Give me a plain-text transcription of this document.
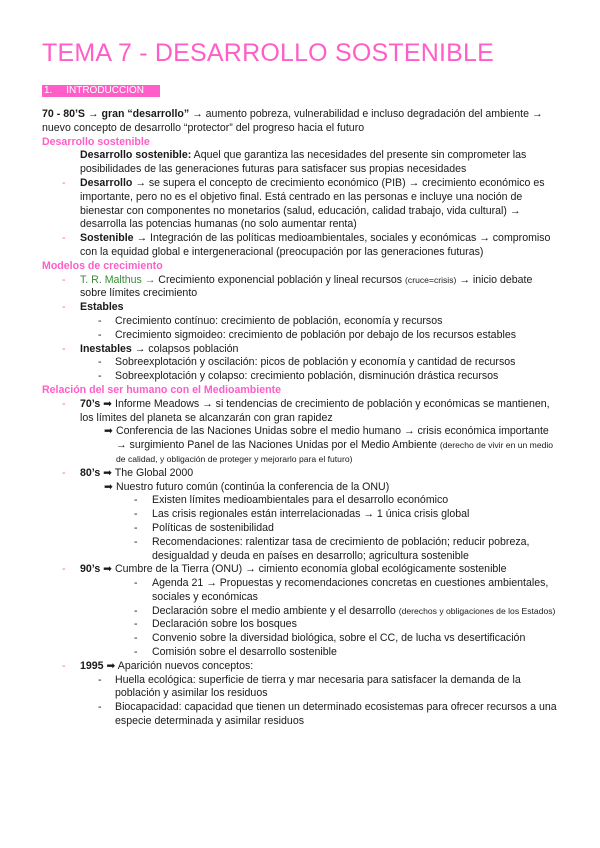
TEMA 7 - DESARROLLO SOSTENIBLE
1.     INTRODUCCIÓN
70 - 80’S → gran “desarrollo” → aumento pobreza, vulnerabilidad e incluso degradación del ambiente → nuevo concepto de desarrollo “protector” del progreso hacia el futuro
Desarrollo sostenible
Desarrollo sostenible: Aquel que garantiza las necesidades del presente sin comprometer las posibilidades de las generaciones futuras para satisfacer sus propias necesidades
- Desarrollo → se supera el concepto de crecimiento económico (PIB) → crecimiento económico es importante, pero no es el objetivo final. Está centrado en las personas e incluye una noción de bienestar con componentes no monetarios (salud, educación, calidad trabajo, vida cultural) → desarrolla las potencias humanas (no solo aumentar renta)
- Sostenible → Integración de las políticas medioambientales, sociales y económicas → compromiso con la equidad global e intergeneracional (preocupación por las generaciones futuras)
Modelos de crecimiento
- T. R. Malthus → Crecimiento exponencial población y lineal recursos (cruce=crisis) → inicio debate sobre límites crecimiento
- Estables
- Crecimiento contínuo: crecimiento de población, economía y recursos
- Crecimiento sigmoideo: crecimiento de población por debajo de los recursos estables
- Inestables → colapsos población
- Sobreexplotación y oscilación: picos de población y economía y cantidad de recursos
- Sobreexplotación y colapso: crecimiento población, disminución drástica recursos
Relación del ser humano con el Medioambiente
- 70’s ➡ Informe Meadows → si tendencias de crecimiento de población y económicas se mantienen, los límites del planeta se alcanzarán con gran rapidez
➡ Conferencia de las Naciones Unidas sobre el medio humano → crisis económica importante → surgimiento Panel de las Naciones Unidas por el Medio Ambiente (derecho de vivir en un medio de calidad, y obligación de proteger y mejorarlo para el futuro)
- 80’s ➡ The Global 2000
➡ Nuestro futuro común (continúa la conferencia de la ONU)
- Existen límites medioambientales para el desarrollo económico
- Las crisis regionales están interrelacionadas → 1 única crisis global
- Políticas de sostenibilidad
- Recomendaciones: ralentizar tasa de crecimiento de población; reducir pobreza, desigualdad y deuda en países en desarrollo; agricultura sostenible
- 90’s ➡ Cumbre de la Tierra (ONU) → cimiento economía global ecológicamente sostenible
- Agenda 21 → Propuestas y recomendaciones concretas en cuestiones ambientales, sociales y económicas
- Declaración sobre el medio ambiente y el desarrollo (derechos y obligaciones de los Estados)
- Declaración sobre los bosques
- Convenio sobre la diversidad biológica, sobre el CC, de lucha vs desertificación
- Comisión sobre el desarrollo sostenible
- 1995 ➡ Aparición nuevos conceptos:
- Huella ecológica: superficie de tierra y mar necesaria para satisfacer la demanda de la población y asimilar los residuos
- Biocapacidad: capacidad que tienen un determinado ecosistemas para ofrecer recursos a una especie determinada y asimilar residuos
